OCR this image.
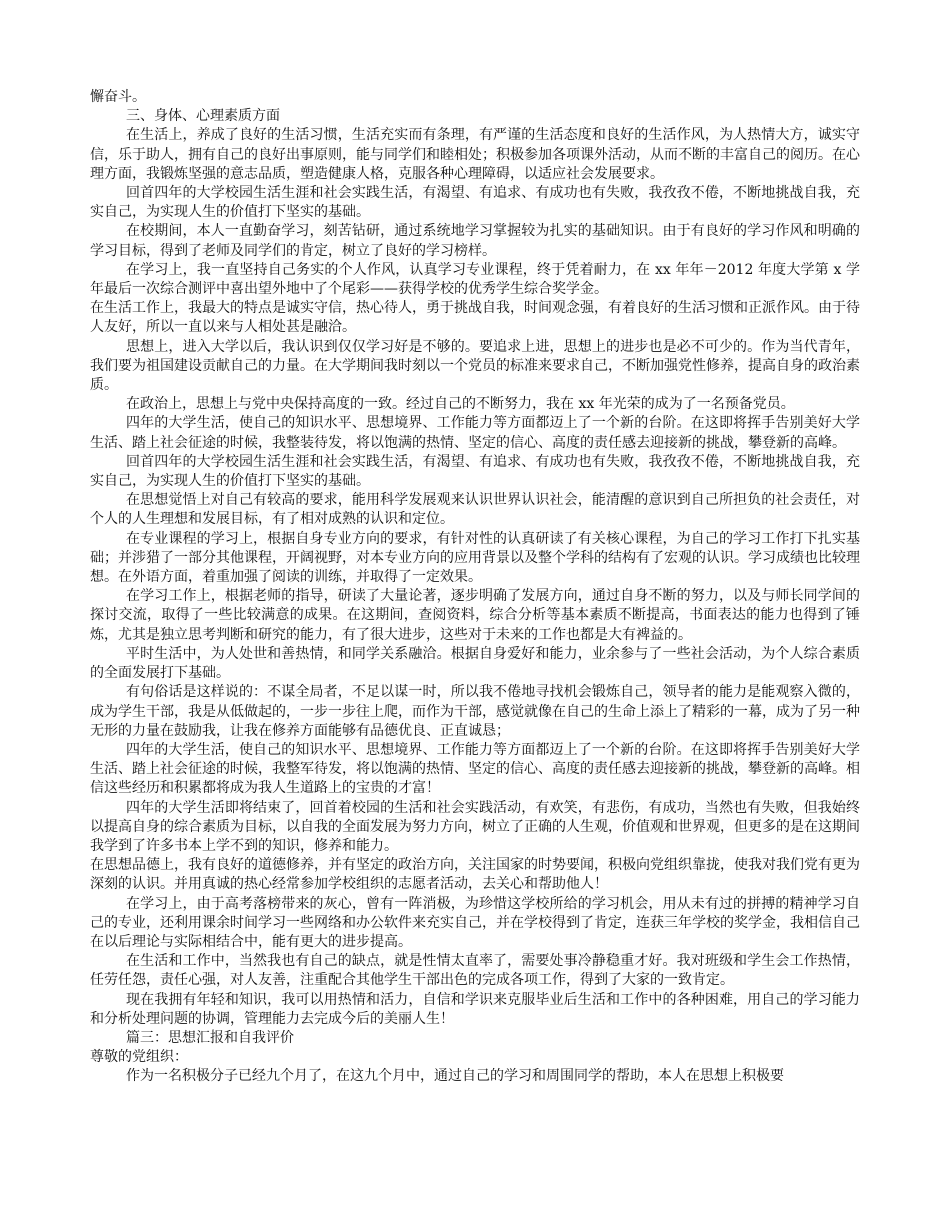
懈奋斗。

三、身体、心理素质方面

在生活上，养成了良好的生活习惯，生活充实而有条理，有严谨的生活态度和良好的生活作风，为人热情大方，诚实守信，乐于助人，拥有自己的良好出事原则，能与同学们和睦相处；积极参加各项课外活动，从而不断的丰富自己的阅历。在心理方面，我锻炼坚强的意志品质，塑造健康人格，克服各种心理障碍，以适应社会发展要求。

回首四年的大学校园生活生涯和社会实践生活，有渴望、有追求、有成功也有失败，我孜孜不倦，不断地挑战自我，充实自己，为实现人生的价值打下坚实的基础。

在校期间，本人一直勤奋学习，刻苦钻研，通过系统地学习掌握较为扎实的基础知识。由于有良好的学习作风和明确的学习目标，得到了老师及同学们的肯定，树立了良好的学习榜样。

在学习上，我一直坚持自己务实的个人作风，认真学习专业课程，终于凭着耐力，在 xx 年年－2012 年度大学第 x 学年最后一次综合测评中喜出望外地中了个尾彩——获得学校的优秀学生综合奖学金。

在生活工作上，我最大的特点是诚实守信，热心待人，勇于挑战自我，时间观念强，有着良好的生活习惯和正派作风。由于待人友好，所以一直以来与人相处甚是融洽。

思想上，进入大学以后，我认识到仅仅学习好是不够的。要追求上进，思想上的进步也是必不可少的。作为当代青年，我们要为祖国建设贡献自己的力量。在大学期间我时刻以一个党员的标准来要求自己，不断加强党性修养，提高自身的政治素质。

在政治上，思想上与党中央保持高度的一致。经过自己的不断努力，我在 xx 年光荣的成为了一名预备党员。

四年的大学生活，使自己的知识水平、思想境界、工作能力等方面都迈上了一个新的台阶。在这即将挥手告别美好大学生活、踏上社会征途的时候，我整装待发，将以饱满的热情、坚定的信心、高度的责任感去迎接新的挑战，攀登新的高峰。

回首四年的大学校园生活生涯和社会实践生活，有渴望、有追求、有成功也有失败，我孜孜不倦，不断地挑战自我，充实自己，为实现人生的价值打下坚实的基础。

在思想觉悟上对自己有较高的要求，能用科学发展观来认识世界认识社会，能清醒的意识到自己所担负的社会责任，对个人的人生理想和发展目标，有了相对成熟的认识和定位。

在专业课程的学习上，根据自身专业方向的要求，有针对性的认真研读了有关核心课程，为自己的学习工作打下扎实基础；并涉猎了一部分其他课程，开阔视野，对本专业方向的应用背景以及整个学科的结构有了宏观的认识。学习成绩也比较理想。在外语方面，着重加强了阅读的训练，并取得了一定效果。

在学习工作上，根据老师的指导，研读了大量论著，逐步明确了发展方向，通过自身不断的努力，以及与师长同学间的探讨交流，取得了一些比较满意的成果。在这期间，查阅资料，综合分析等基本素质不断提高，书面表达的能力也得到了锤炼，尤其是独立思考判断和研究的能力，有了很大进步，这些对于未来的工作也都是大有裨益的。

平时生活中，为人处世和善热情，和同学关系融洽。根据自身爱好和能力，业余参与了一些社会活动，为个人综合素质的全面发展打下基础。

有句俗话是这样说的：不谋全局者，不足以谋一时，所以我不倦地寻找机会锻炼自己，领导者的能力是能观察入微的，成为学生干部，我是从低做起的，一步一步往上爬，而作为干部，感觉就像在自己的生命上添上了精彩的一幕，成为了另一种无形的力量在鼓励我，让我在修养方面能够有品德优良、正直诚恳；

四年的大学生活，使自己的知识水平、思想境界、工作能力等方面都迈上了一个新的台阶。在这即将挥手告别美好大学生活、踏上社会征途的时候，我整军待发，将以饱满的热情、坚定的信心、高度的责任感去迎接新的挑战，攀登新的高峰。相信这些经历和积累都将成为我人生道路上的宝贵的才富！

四年的大学生活即将结束了，回首着校园的生活和社会实践活动，有欢笑，有悲伤，有成功，当然也有失败，但我始终以提高自身的综合素质为目标，以自我的全面发展为努力方向，树立了正确的人生观，价值观和世界观，但更多的是在这期间我学到了许多书本上学不到的知识，修养和能力。

在思想品德上，我有良好的道德修养，并有坚定的政治方向，关注国家的时势要闻，积极向党组织靠拢，使我对我们党有更为深刻的认识。并用真诚的热心经常参加学校组织的志愿者活动，去关心和帮助他人！

在学习上，由于高考落榜带来的灰心，曾有一阵消极，为珍惜这学校所给的学习机会，用从未有过的拼搏的精神学习自己的专业，还利用课余时间学习一些网络和办公软件来充实自己，并在学校得到了肯定，连获三年学校的奖学金，我相信自己在以后理论与实际相结合中，能有更大的进步提高。

在生活和工作中，当然我也有自己的缺点，就是性情太直率了，需要处事冷静稳重才好。我对班级和学生会工作热情，任劳任怨，责任心强，对人友善，注重配合其他学生干部出色的完成各项工作，得到了大家的一致肯定。

现在我拥有年轻和知识，我可以用热情和活力，自信和学识来克服毕业后生活和工作中的各种困难，用自己的学习能力和分析处理问题的协调，管理能力去完成今后的美丽人生！

篇三：思想汇报和自我评价

尊敬的党组织：

作为一名积极分子已经九个月了，在这九个月中，通过自己的学习和周围同学的帮助，本人在思想上积极要
